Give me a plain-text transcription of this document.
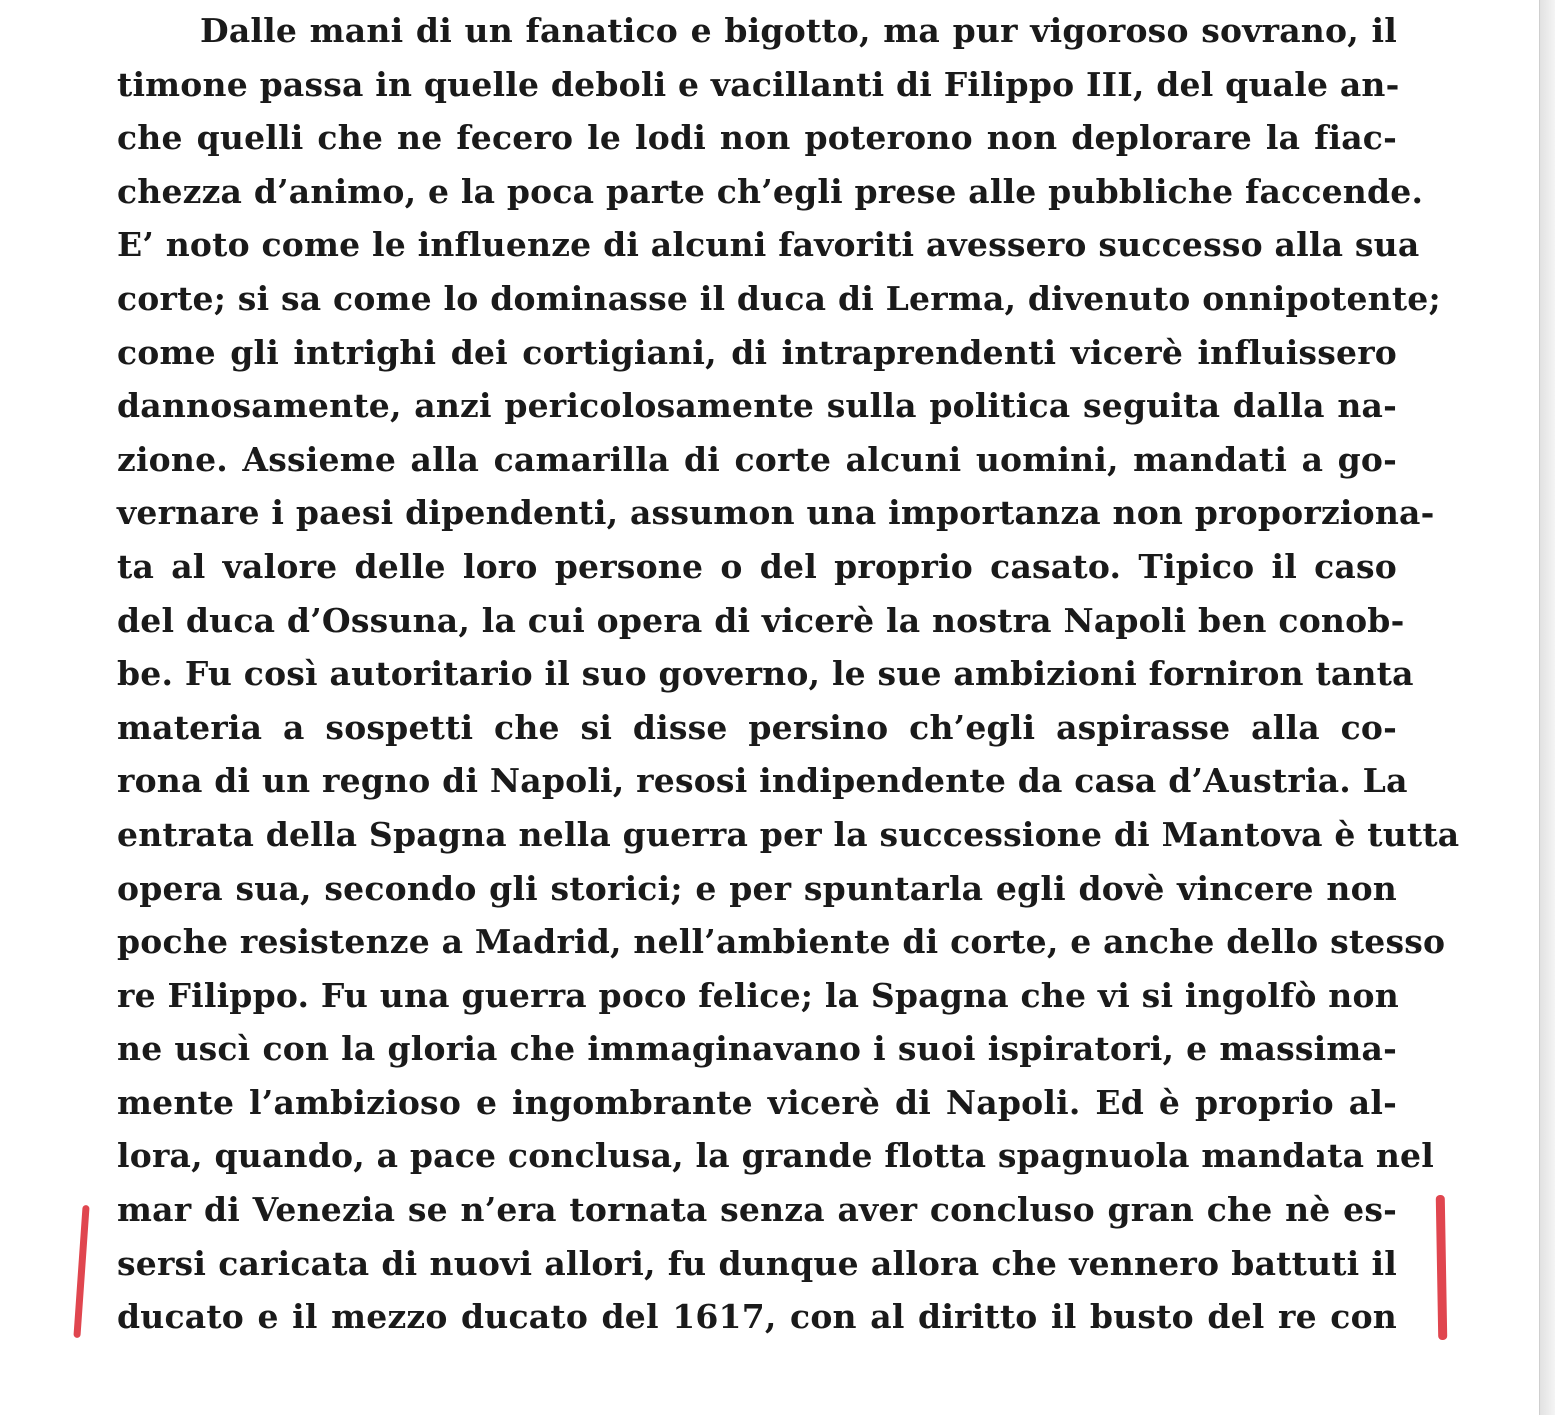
Dalle mani di un fanatico e bigotto, ma pur vigoroso sovrano, il
timone passa in quelle deboli e vacillanti di Filippo III, del quale an-
che quelli che ne fecero le lodi non poterono non deplorare la fiac-
chezza d’animo, e la poca parte ch’egli prese alle pubbliche faccende.
E’ noto come le influenze di alcuni favoriti avessero successo alla sua
corte; si sa come lo dominasse il duca di Lerma, divenuto onnipotente;
come gli intrighi dei cortigiani, di intraprendenti vicerè influissero
dannosamente, anzi pericolosamente sulla politica seguita dalla na-
zione. Assieme alla camarilla di corte alcuni uomini, mandati a go-
vernare i paesi dipendenti, assumon una importanza non proporziona-
ta al valore delle loro persone o del proprio casato. Tipico il caso
del duca d’Ossuna, la cui opera di vicerè la nostra Napoli ben conob-
be. Fu così autoritario il suo governo, le sue ambizioni forniron tanta
materia a sospetti che si disse persino ch’egli aspirasse alla co-
rona di un regno di Napoli, resosi indipendente da casa d’Austria. La
entrata della Spagna nella guerra per la successione di Mantova è tutta
opera sua, secondo gli storici; e per spuntarla egli dovè vincere non
poche resistenze a Madrid, nell’ambiente di corte, e anche dello stesso
re Filippo. Fu una guerra poco felice; la Spagna che vi si ingolfò non
ne uscì con la gloria che immaginavano i suoi ispiratori, e massima-
mente l’ambizioso e ingombrante vicerè di Napoli. Ed è proprio al-
lora, quando, a pace conclusa, la grande flotta spagnuola mandata nel
mar di Venezia se n’era tornata senza aver concluso gran che nè es-
sersi caricata di nuovi allori, fu dunque allora che vennero battuti il
ducato e il mezzo ducato del 1617, con al diritto il busto del re con
